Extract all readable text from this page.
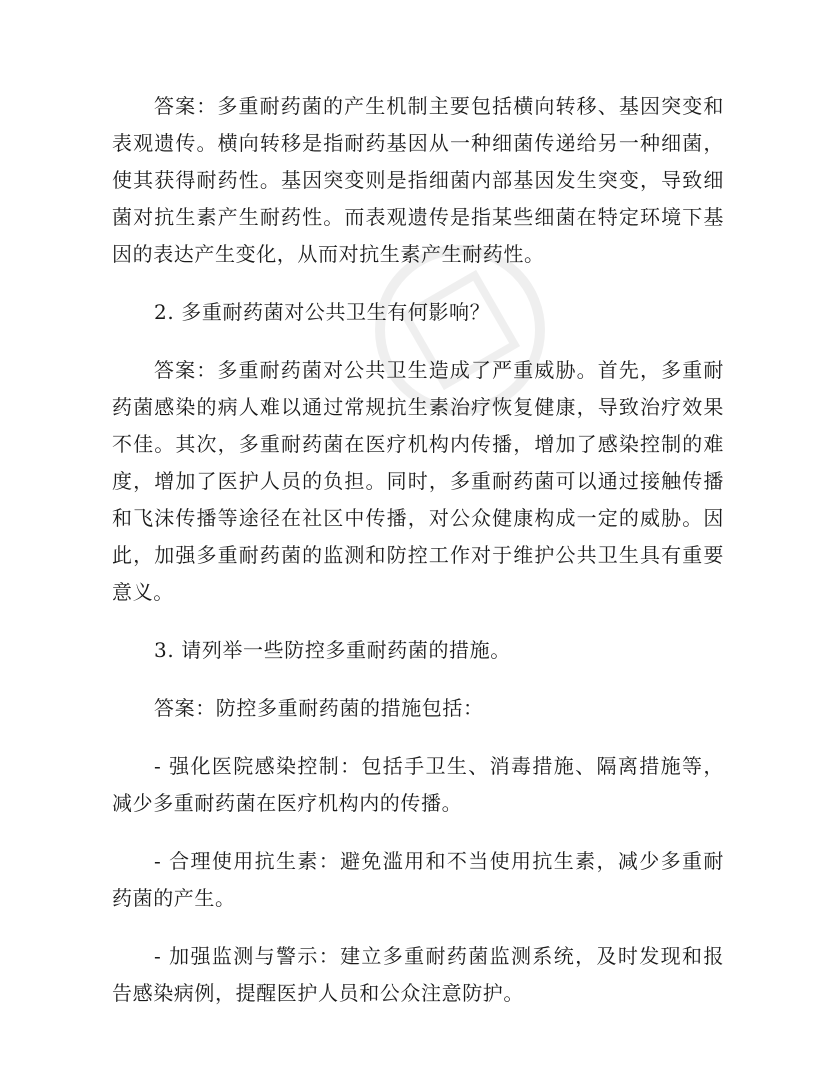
答案：多重耐药菌的产生机制主要包括横向转移、基因突变和表观遗传。横向转移是指耐药基因从一种细菌传递给另一种细菌，使其获得耐药性。基因突变则是指细菌内部基因发生突变，导致细菌对抗生素产生耐药性。而表观遗传是指某些细菌在特定环境下基因的表达产生变化，从而对抗生素产生耐药性。

2. 多重耐药菌对公共卫生有何影响？

答案：多重耐药菌对公共卫生造成了严重威胁。首先，多重耐药菌感染的病人难以通过常规抗生素治疗恢复健康，导致治疗效果不佳。其次，多重耐药菌在医疗机构内传播，增加了感染控制的难度，增加了医护人员的负担。同时，多重耐药菌可以通过接触传播和飞沫传播等途径在社区中传播，对公众健康构成一定的威胁。因此，加强多重耐药菌的监测和防控工作对于维护公共卫生具有重要意义。

3. 请列举一些防控多重耐药菌的措施。

答案：防控多重耐药菌的措施包括：

- 强化医院感染控制：包括手卫生、消毒措施、隔离措施等，减少多重耐药菌在医疗机构内的传播。

- 合理使用抗生素：避免滥用和不当使用抗生素，减少多重耐药菌的产生。

- 加强监测与警示：建立多重耐药菌监测系统，及时发现和报告感染病例，提醒医护人员和公众注意防护。
